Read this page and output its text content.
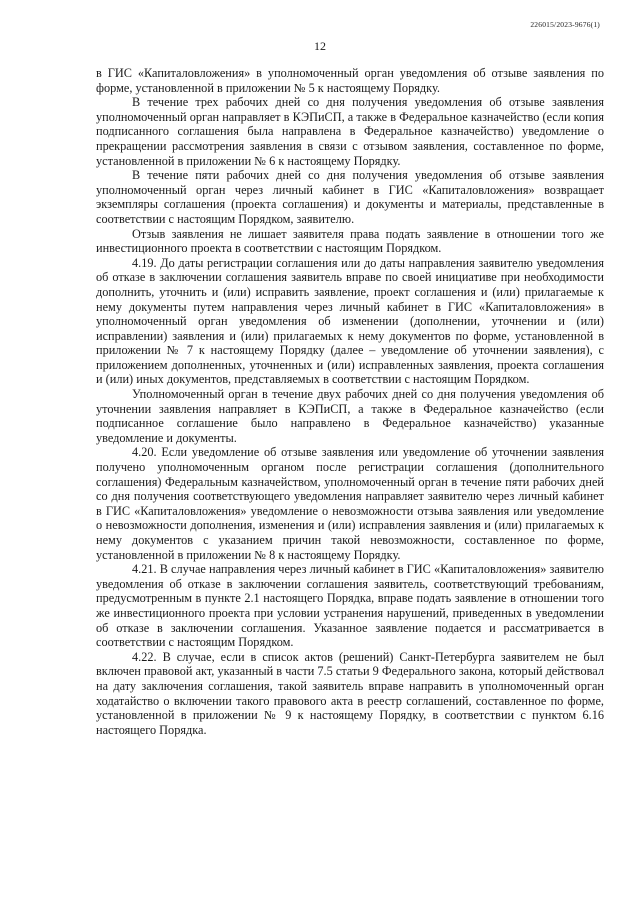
226015/2023-9676(1)
12

в ГИС «Капиталовложения» в уполномоченный орган уведомления об отзыве заявления по форме, установленной в приложении № 5 к настоящему Порядку.

В течение трех рабочих дней со дня получения уведомления об отзыве заявления уполномоченный орган направляет в КЭПиСП, а также в Федеральное казначейство (если копия подписанного соглашения была направлена в Федеральное казначейство) уведомление о прекращении рассмотрения заявления в связи с отзывом заявления, составленное по форме, установленной в приложении № 6 к настоящему Порядку.

В течение пяти рабочих дней со дня получения уведомления об отзыве заявления уполномоченный орган через личный кабинет в ГИС «Капиталовложения» возвращает экземпляры соглашения (проекта соглашения) и документы и материалы, представленные в соответствии с настоящим Порядком, заявителю.

Отзыв заявления не лишает заявителя права подать заявление в отношении того же инвестиционного проекта в соответствии с настоящим Порядком.

4.19. До даты регистрации соглашения или до даты направления заявителю уведомления об отказе в заключении соглашения заявитель вправе по своей инициативе при необходимости дополнить, уточнить и (или) исправить заявление, проект соглашения и (или) прилагаемые к нему документы путем направления через личный кабинет в ГИС «Капиталовложения» в уполномоченный орган уведомления об изменении (дополнении, уточнении и (или) исправлении) заявления и (или) прилагаемых к нему документов по форме, установленной в приложении № 7 к настоящему Порядку (далее – уведомление об уточнении заявления), с приложением дополненных, уточненных и (или) исправленных заявления, проекта соглашения и (или) иных документов, представляемых в соответствии с настоящим Порядком.

Уполномоченный орган в течение двух рабочих дней со дня получения уведомления об уточнении заявления направляет в КЭПиСП, а также в Федеральное казначейство (если подписанное соглашение было направлено в Федеральное казначейство) указанные уведомление и документы.

4.20. Если уведомление об отзыве заявления или уведомление об уточнении заявления получено уполномоченным органом после регистрации соглашения (дополнительного соглашения) Федеральным казначейством, уполномоченный орган в течение пяти рабочих дней со дня получения соответствующего уведомления направляет заявителю через личный кабинет в ГИС «Капиталовложения» уведомление о невозможности отзыва заявления или уведомление о невозможности дополнения, изменения и (или) исправления заявления и (или) прилагаемых к нему документов с указанием причин такой невозможности, составленное по форме, установленной в приложении № 8 к настоящему Порядку.

4.21. В случае направления через личный кабинет в ГИС «Капиталовложения» заявителю уведомления об отказе в заключении соглашения заявитель, соответствующий требованиям, предусмотренным в пункте 2.1 настоящего Порядка, вправе подать заявление в отношении того же инвестиционного проекта при условии устранения нарушений, приведенных в уведомлении об отказе в заключении соглашения. Указанное заявление подается и рассматривается в соответствии с настоящим Порядком.

4.22. В случае, если в список актов (решений) Санкт-Петербурга заявителем не был включен правовой акт, указанный в части 7.5 статьи 9 Федерального закона, который действовал на дату заключения соглашения, такой заявитель вправе направить в уполномоченный орган ходатайство о включении такого правового акта в реестр соглашений, составленное по форме, установленной в приложении № 9 к настоящему Порядку, в соответствии с пунктом 6.16 настоящего Порядка.
